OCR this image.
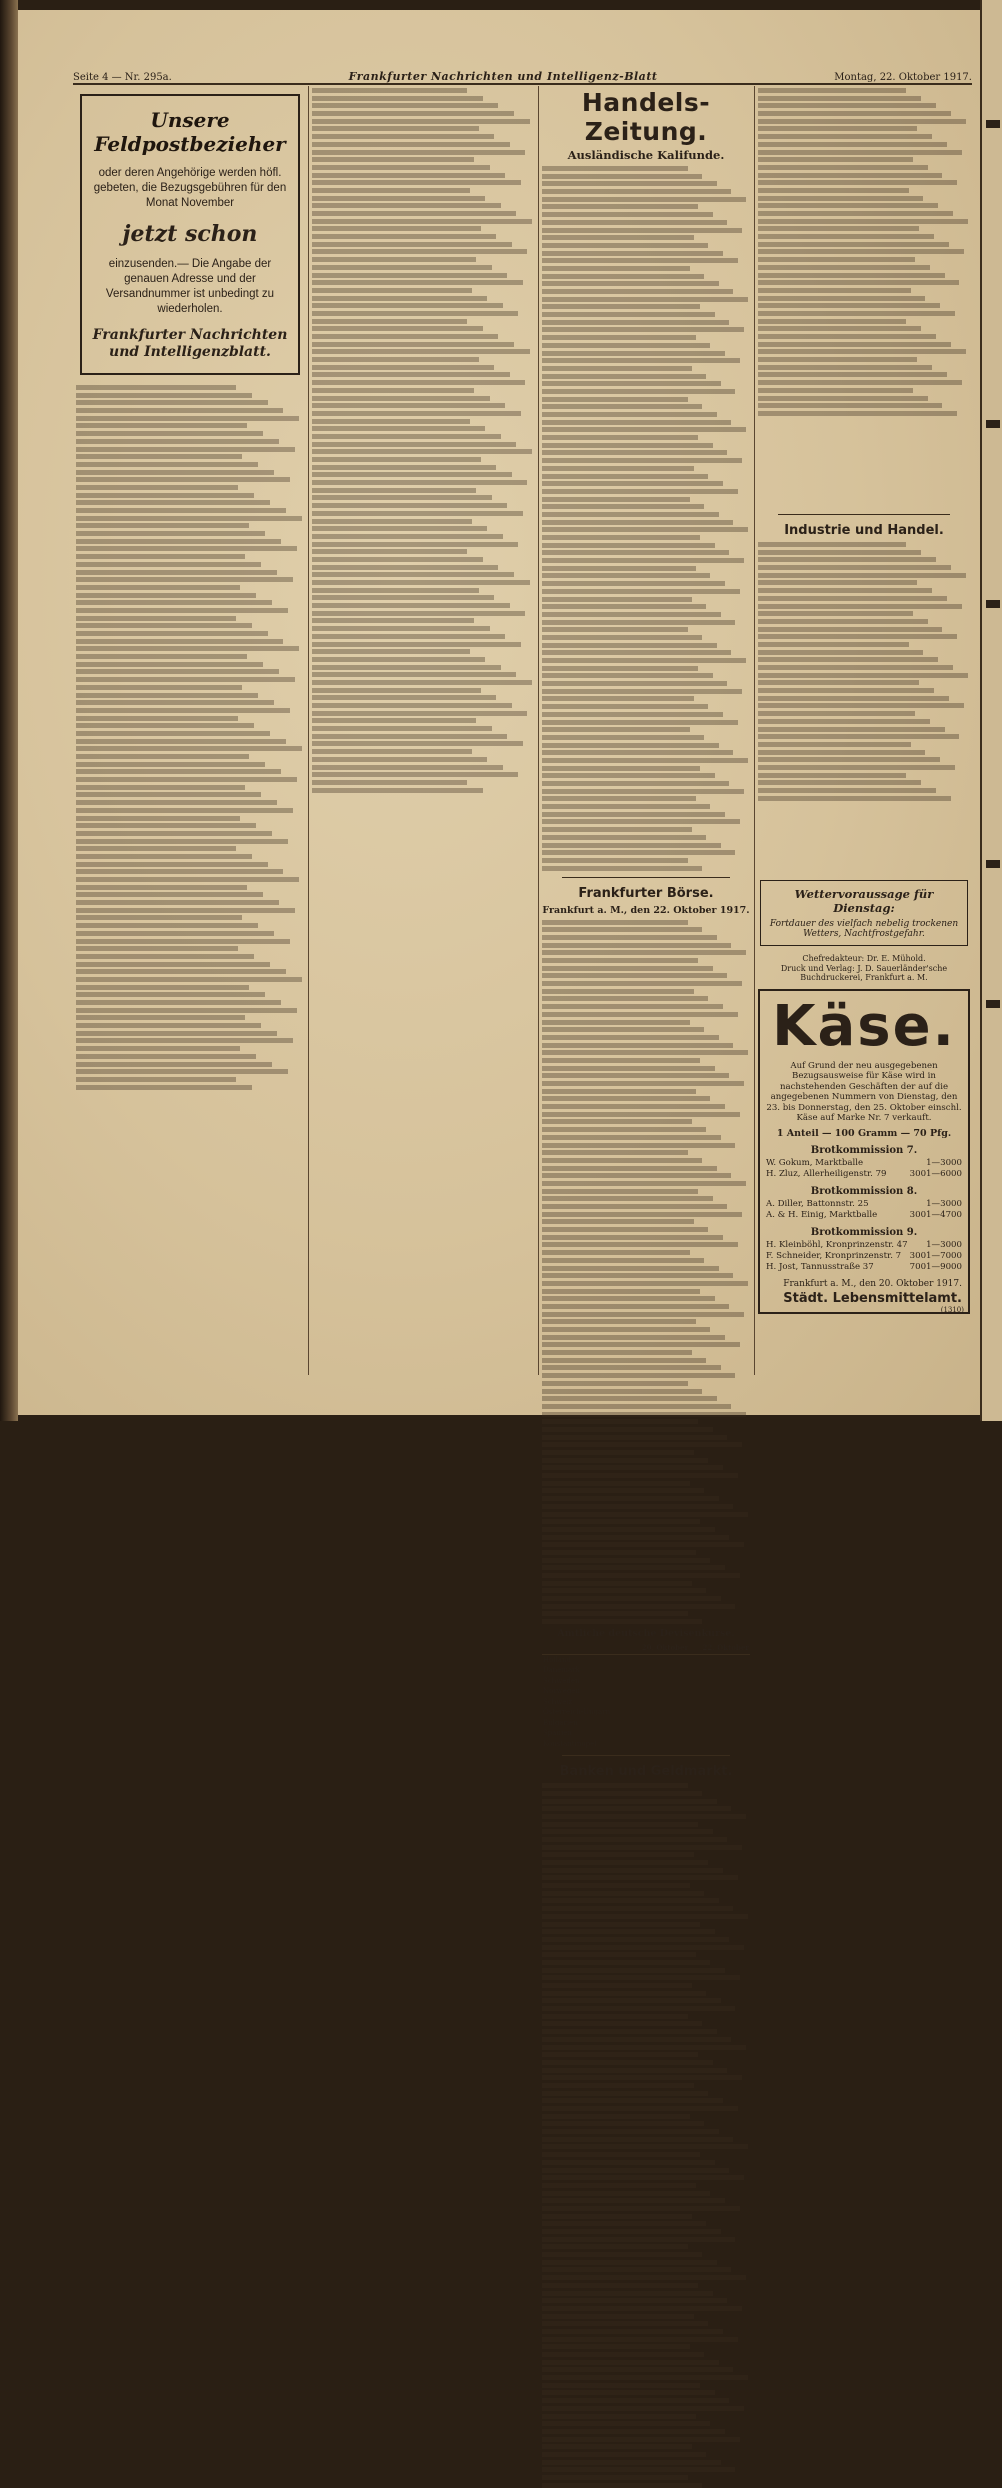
Seite 4 — Nr. 295a.	Frankfurter Nachrichten und Intelligenz-Blatt	Montag, 22. Oktober 1917.
Unsere Feldpostbezieher
oder deren Angehörige werden höfl. gebeten, die Bezugsgebühren für den Monat November
jetzt schon
einzusenden.— Die Angabe der genauen Adresse und der Versandnummer ist unbedingt zu wiederholen.
Frankfurter Nachrichten und Intelligenzblatt.
Handels-Zeitung.
Ausländische Kalifunde.
Frankfurter Börse.
Frankfurt a. M., den 22. Oktober 1917.
Amtliche deutsche Devisenkurse.
	20. Oktober	22. Oktober
Holland		
Dänemark		
Schweden		
Norwegen		
Schweiz		
Österreich-Ungarn		
Bulgarien		
Spanien		
Konstantinopel		
Banken und Geldmarkt.
Industrie und Handel.
Wettervoraussage für Dienstag:
Fortdauer des vielfach nebelig trockenen Wetters, Nachtfrostgefahr.
Chefredakteur: Dr. E. Mühold.
Druck und Verlag: J. D. Sauerländer'sche Buchdruckerei, Frankfurt a. M.
Käse.
Auf Grund der neu ausgegebenen Bezugsausweise für Käse wird in nachstehenden Geschäften der auf die angegebenen Nummern von Dienstag, den 23. bis Donnerstag, den 25. Oktober einschl. Käse auf Marke Nr. 7 verkauft.
1 Anteil — 100 Gramm — 70 Pfg.
Brotkommission 7.
W. Gokum, Marktballe	1—3000
H. Zluz, Allerheiligenstr. 79	3001—6000
Brotkommission 8.
A. Diller, Battonnstr. 25	1—3000
A. & H. Einig, Marktballe	3001—4700
Brotkommission 9.
H. Kleinböhl, Kronprinzenstr. 47 1—3000
F. Schneider, Kronprinzenstr. 7 3001—7000
H. Jost, Tannusstraße 37	7001—9000
Frankfurt a. M., den 20. Oktober 1917.
Städt. Lebensmittelamt.
(1310)
